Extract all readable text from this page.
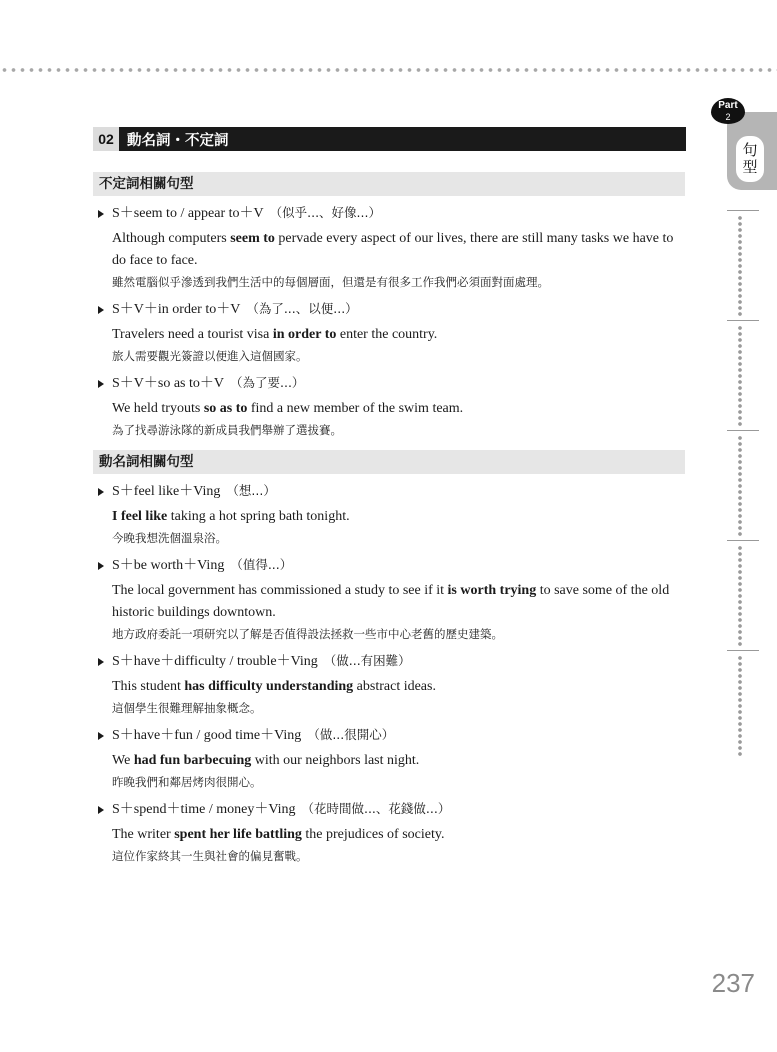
02 動名詞・不定詞
不定詞相關句型
S＋seem to / appear to＋V （似乎...、好像...）
Although computers seem to pervade every aspect of our lives, there are still many tasks we have to do face to face.
雖然電腦似乎滲透到我們生活中的每個層面，但還是有很多工作我們必須面對面處理。
S＋V＋in order to＋V （為了...、以便...）
Travelers need a tourist visa in order to enter the country.
旅人需要觀光簽證以便進入這個國家。
S＋V＋so as to＋V （為了要...）
We held tryouts so as to find a new member of the swim team.
為了找尋游泳隊的新成員我們舉辦了選拔賽。
動名詞相關句型
S＋feel like＋Ving （想...）
I feel like taking a hot spring bath tonight.
今晚我想洗個溫泉浴。
S＋be worth＋Ving （值得...）
The local government has commissioned a study to see if it is worth trying to save some of the old historic buildings downtown.
地方政府委託一項研究以了解是否值得設法拯救一些市中心老舊的歷史建築。
S＋have＋difficulty / trouble＋Ving （做...有困難）
This student has difficulty understanding abstract ideas.
這個學生很難理解抽象概念。
S＋have＋fun / good time＋Ving （做...很開心）
We had fun barbecuing with our neighbors last night.
昨晚我們和鄰居烤肉很開心。
S＋spend＋time / money＋Ving （花時間做...、花錢做...）
The writer spent her life battling the prejudices of society.
這位作家終其一生與社會的偏見奮戰。
句
型
Part
2
237
